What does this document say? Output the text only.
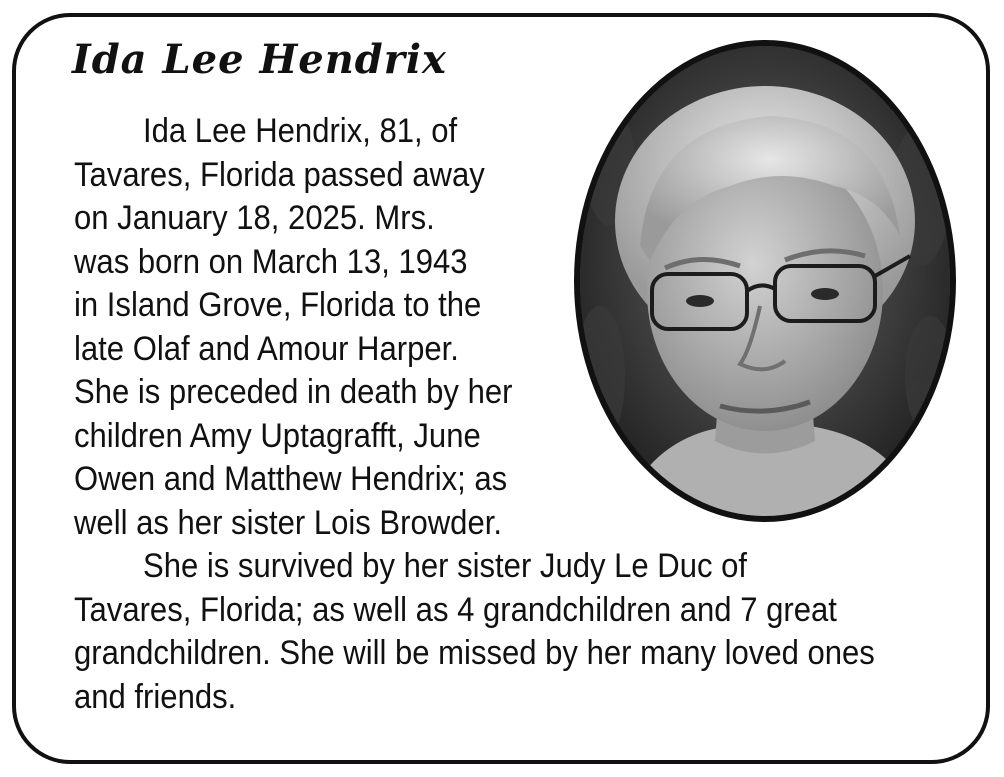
Ida Lee Hendrix
Ida Lee Hendrix, 81, of
Tavares, Florida passed away
on January 18, 2025. Mrs.
was born on March 13, 1943
in Island Grove, Florida to the
late Olaf and Amour Harper.
She is preceded in death by her
children Amy Uptagrafft, June
Owen and Matthew Hendrix; as
well as her sister Lois Browder.
She is survived by her sister Judy Le Duc of
Tavares, Florida; as well as 4 grandchildren and 7 great
grandchildren. She will be missed by her many loved ones
and friends.
